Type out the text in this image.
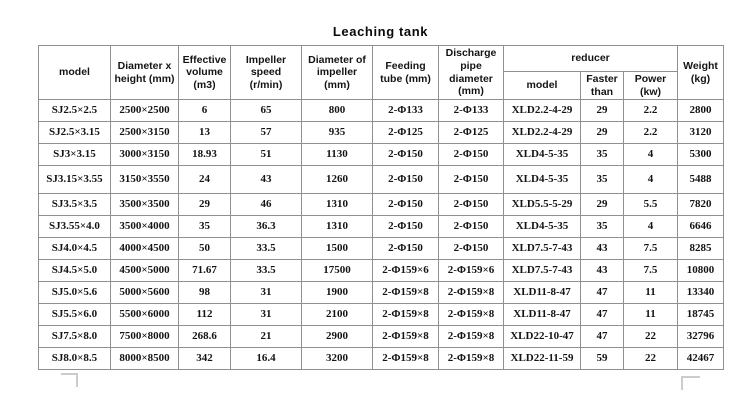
Leaching tank
model	Diameter x height (mm)	Effective volume (m3)	Impeller speed (r/min)	Diameter of impeller (mm)	Feeding tube (mm)	Discharge pipe diameter (mm)	reducer			Weight (kg)
							model	Faster than	Power (kw)	
SJ2.5×2.5	2500×2500	6	65	800	2-Φ133	2-Φ133	XLD2.2-4-29	29	2.2	2800
SJ2.5×3.15	2500×3150	13	57	935	2-Φ125	2-Φ125	XLD2.2-4-29	29	2.2	3120
SJ3×3.15	3000×3150	18.93	51	1130	2-Φ150	2-Φ150	XLD4-5-35	35	4	5300
SJ3.15×3.55	3150×3550	24	43	1260	2-Φ150	2-Φ150	XLD4-5-35	35	4	5488
SJ3.5×3.5	3500×3500	29	46	1310	2-Φ150	2-Φ150	XLD5.5-5-29	29	5.5	7820
SJ3.55×4.0	3500×4000	35	36.3	1310	2-Φ150	2-Φ150	XLD4-5-35	35	4	6646
SJ4.0×4.5	4000×4500	50	33.5	1500	2-Φ150	2-Φ150	XLD7.5-7-43	43	7.5	8285
SJ4.5×5.0	4500×5000	71.67	33.5	17500	2-Φ159×6	2-Φ159×6	XLD7.5-7-43	43	7.5	10800
SJ5.0×5.6	5000×5600	98	31	1900	2-Φ159×8	2-Φ159×8	XLD11-8-47	47	11	13340
SJ5.5×6.0	5500×6000	112	31	2100	2-Φ159×8	2-Φ159×8	XLD11-8-47	47	11	18745
SJ7.5×8.0	7500×8000	268.6	21	2900	2-Φ159×8	2-Φ159×8	XLD22-10-47	47	22	32796
SJ8.0×8.5	8000×8500	342	16.4	3200	2-Φ159×8	2-Φ159×8	XLD22-11-59	59	22	42467
